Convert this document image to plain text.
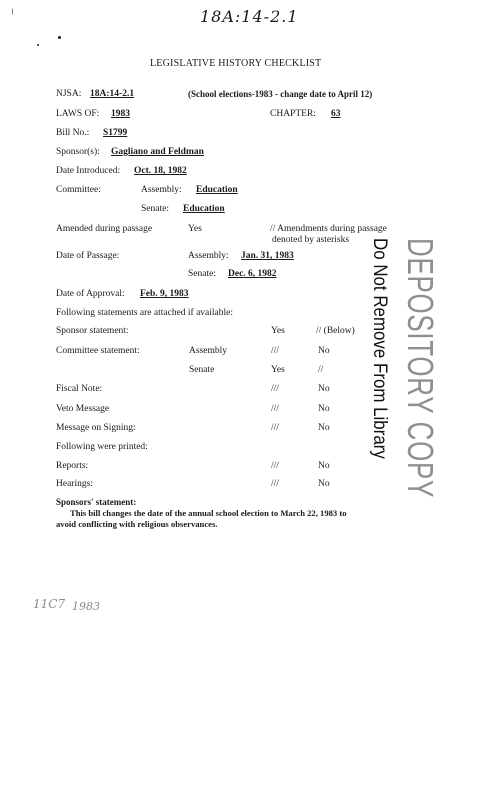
18A:14-2.1
LEGISLATIVE HISTORY CHECKLIST
NJSA: 18A:14-2.1	(School elections-1983 - change date to April 12)
LAWS OF: 1983	CHAPTER: 63
Bill No.: S1799
Sponsor(s): Gagliano and Feldman
Date Introduced: Oct. 18, 1982
Committee:	Assembly: Education
Senate: Education
Amended during passage	Yes	// Amendments during passage
denoted by asterisks
Date of Passage:	Assembly: Jan. 31, 1983
Senate: Dec. 6, 1982
Date of Approval: Feb. 9, 1983
Following statements are attached if available:
Sponsor statement:	Yes	// (Below)
Committee statement:	Assembly	///	No
Senate	Yes	//
Fiscal Note:	///	No
Veto Message	///	No
Message on Signing:	///	No
Following were printed:
Reports:	///	No
Hearings:	///	No
Sponsors' statement:
This bill changes the date of the annual school election to March 22, 1983 to
avoid conflicting with religious observances.
DEPOSITORY COPY
Do Not Remove From Library
11C7 1983
